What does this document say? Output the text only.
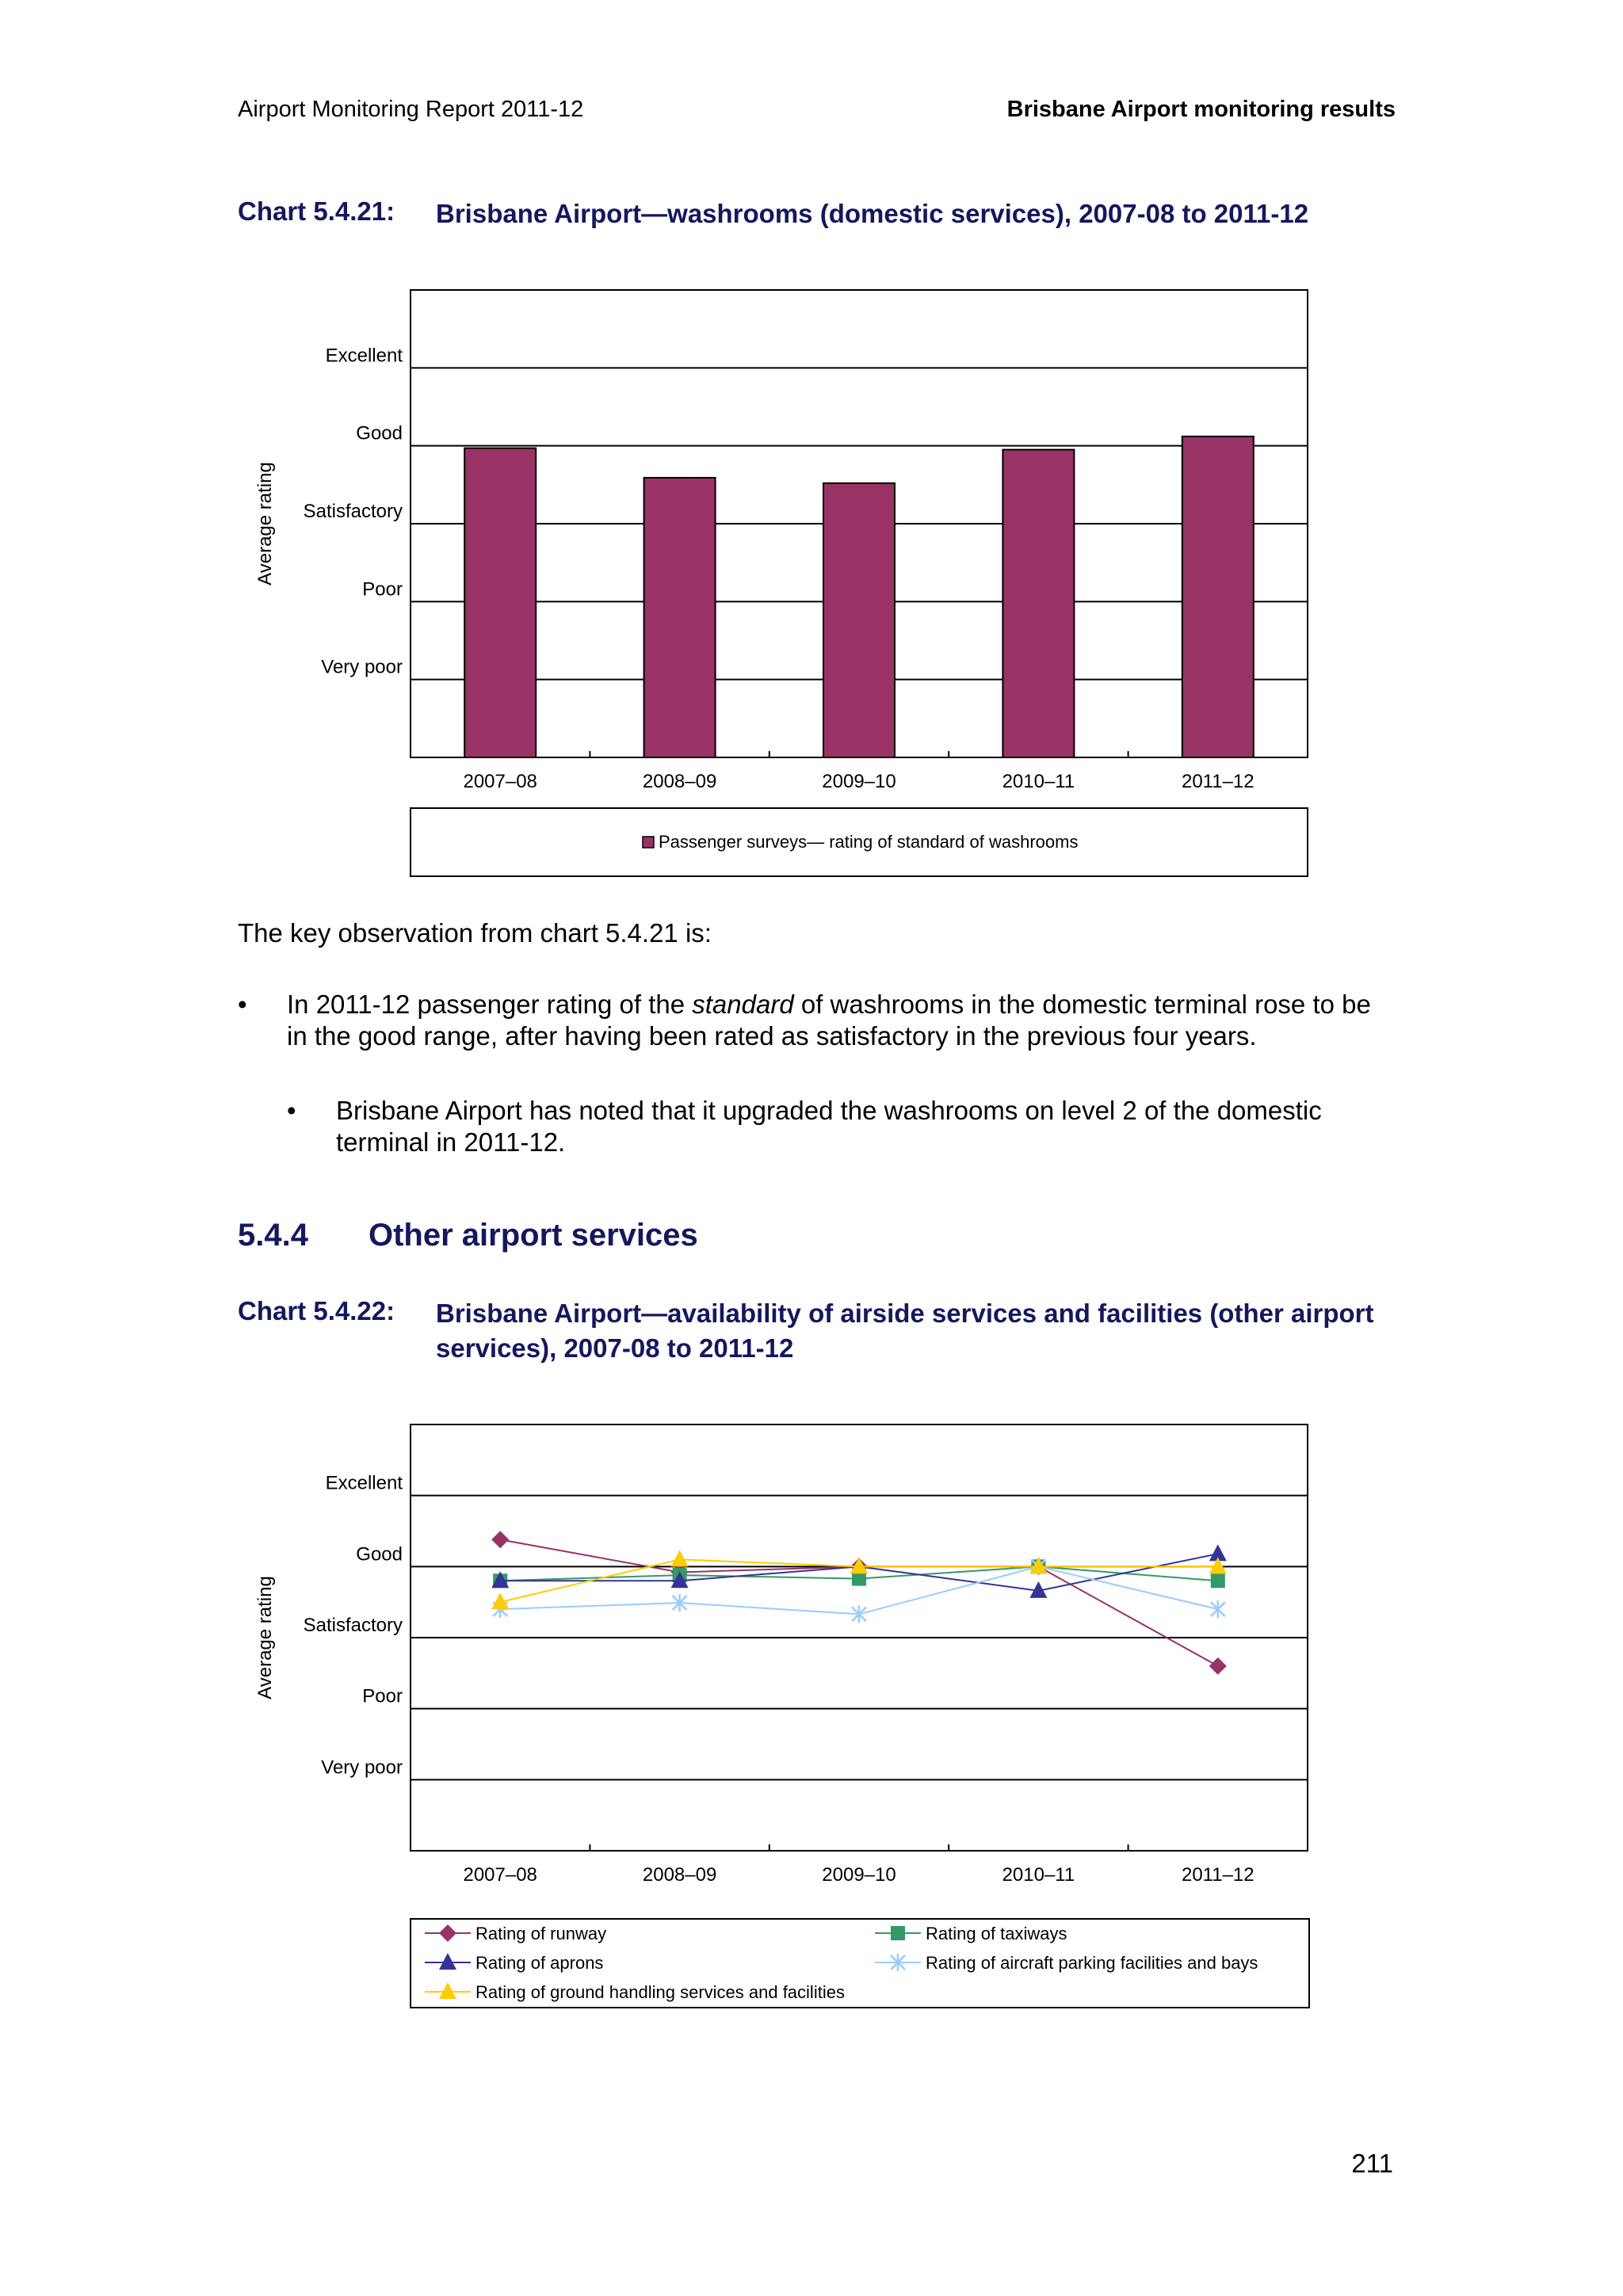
Airport Monitoring Report 2011-12	Brisbane Airport monitoring results
Chart 5.4.21: Brisbane Airport—washrooms (domestic services), 2007-08 to 2011-12
Very poor
Poor
Satisfactory
Good
Excellent
2007–08	2008–09	2009–10	2010–11	2011–12
Average rating
Passenger surveys— rating of standard of washrooms
The key observation from chart 5.4.21 is:
• In 2011-12 passenger rating of the standard of washrooms in the domestic terminal rose to be in the good range, after having been rated as satisfactory in the previous four years.
• Brisbane Airport has noted that it upgraded the washrooms on level 2 of the domestic terminal in 2011-12.
5.4.4 Other airport services
Chart 5.4.22: Brisbane Airport—availability of airside services and facilities (other airport services), 2007-08 to 2011-12
Very poor
Poor
Satisfactory
Good
Excellent
2007–08	2008–09	2009–10	2010–11	2011–12
Average rating
Rating of runway	Rating of taxiways
Rating of aprons	Rating of aircraft parking facilities and bays
Rating of ground handling services and facilities
211
